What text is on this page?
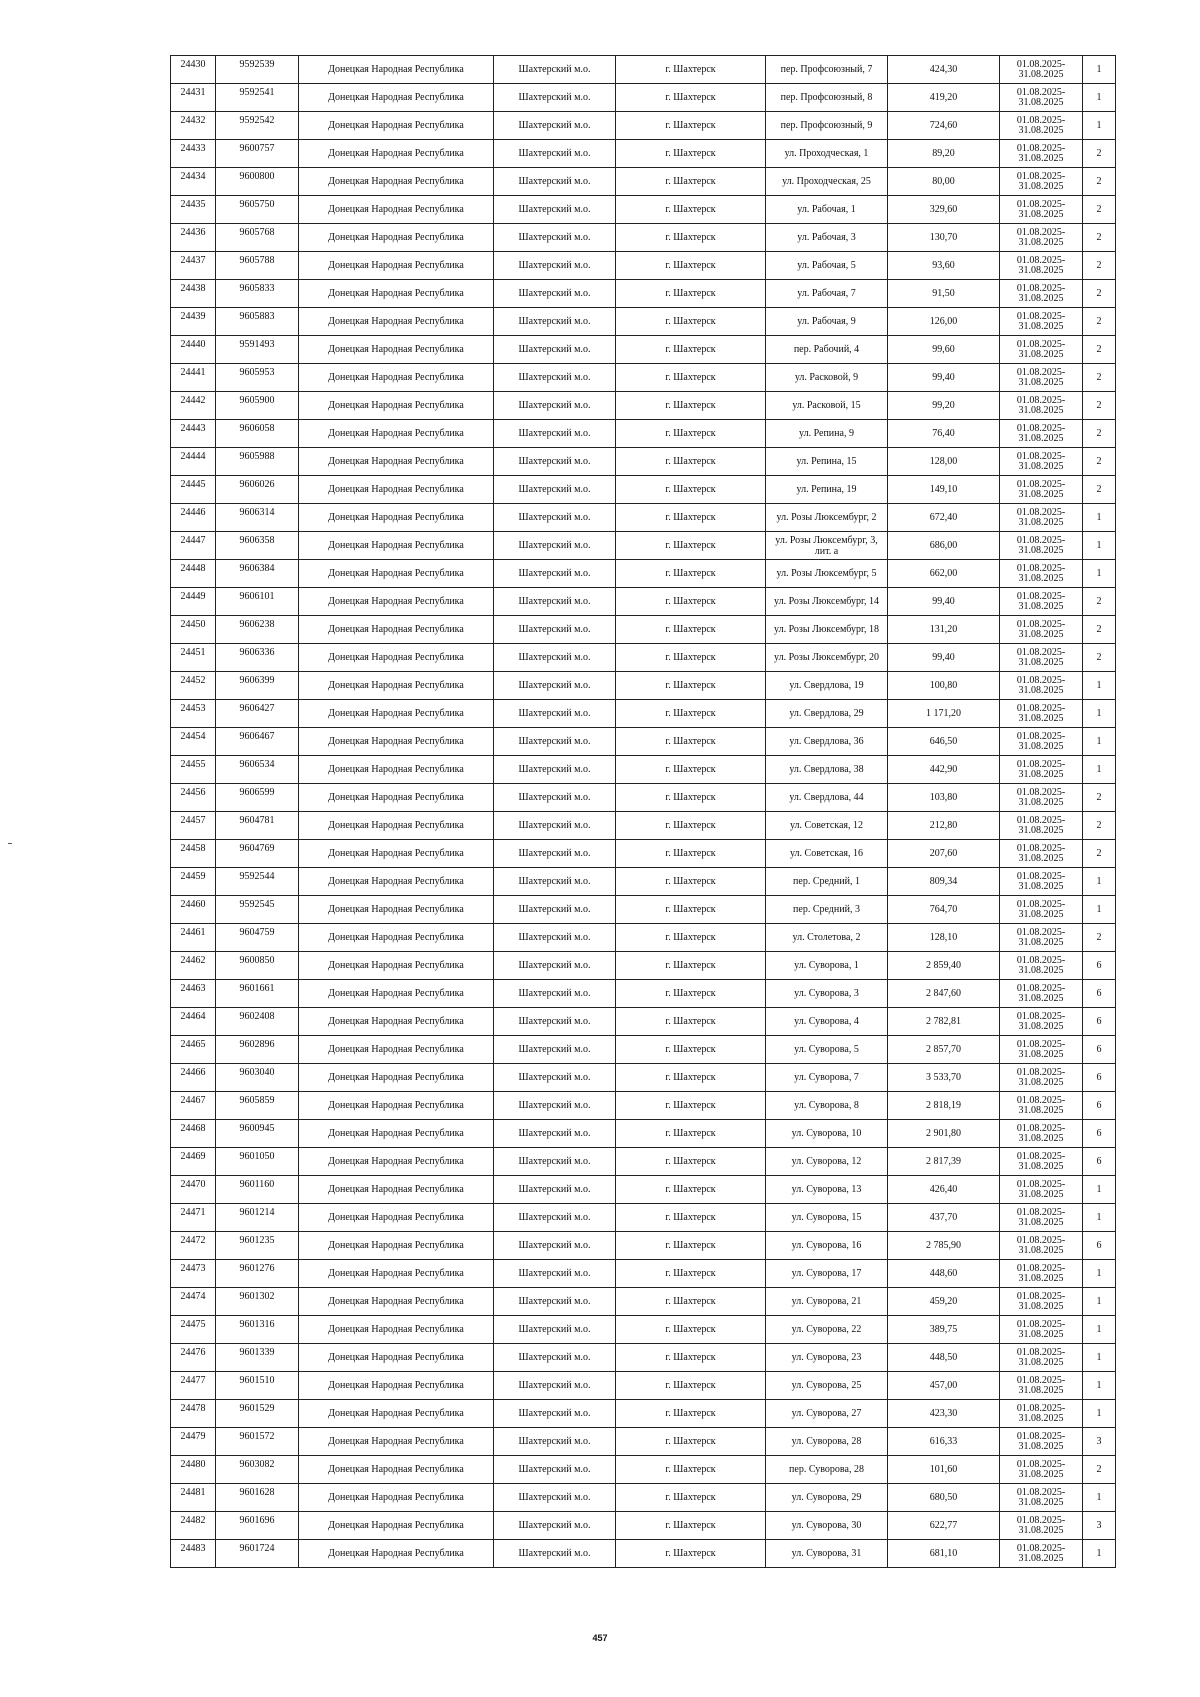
24430	9592539	Донецкая Народная Республика	Шахтерский м.о.	г. Шахтерск	пер. Профсоюзный, 7	424,30	01.08.2025-31.08.2025	1
24431	9592541	Донецкая Народная Республика	Шахтерский м.о.	г. Шахтерск	пер. Профсоюзный, 8	419,20	01.08.2025-31.08.2025	1
24432	9592542	Донецкая Народная Республика	Шахтерский м.о.	г. Шахтерск	пер. Профсоюзный, 9	724,60	01.08.2025-31.08.2025	1
24433	9600757	Донецкая Народная Республика	Шахтерский м.о.	г. Шахтерск	ул. Проходческая, 1	89,20	01.08.2025-31.08.2025	2
24434	9600800	Донецкая Народная Республика	Шахтерский м.о.	г. Шахтерск	ул. Проходческая, 25	80,00	01.08.2025-31.08.2025	2
24435	9605750	Донецкая Народная Республика	Шахтерский м.о.	г. Шахтерск	ул. Рабочая, 1	329,60	01.08.2025-31.08.2025	2
24436	9605768	Донецкая Народная Республика	Шахтерский м.о.	г. Шахтерск	ул. Рабочая, 3	130,70	01.08.2025-31.08.2025	2
24437	9605788	Донецкая Народная Республика	Шахтерский м.о.	г. Шахтерск	ул. Рабочая, 5	93,60	01.08.2025-31.08.2025	2
24438	9605833	Донецкая Народная Республика	Шахтерский м.о.	г. Шахтерск	ул. Рабочая, 7	91,50	01.08.2025-31.08.2025	2
24439	9605883	Донецкая Народная Республика	Шахтерский м.о.	г. Шахтерск	ул. Рабочая, 9	126,00	01.08.2025-31.08.2025	2
24440	9591493	Донецкая Народная Республика	Шахтерский м.о.	г. Шахтерск	пер. Рабочий, 4	99,60	01.08.2025-31.08.2025	2
24441	9605953	Донецкая Народная Республика	Шахтерский м.о.	г. Шахтерск	ул. Расковой, 9	99,40	01.08.2025-31.08.2025	2
24442	9605900	Донецкая Народная Республика	Шахтерский м.о.	г. Шахтерск	ул. Расковой, 15	99,20	01.08.2025-31.08.2025	2
24443	9606058	Донецкая Народная Республика	Шахтерский м.о.	г. Шахтерск	ул. Репина, 9	76,40	01.08.2025-31.08.2025	2
24444	9605988	Донецкая Народная Республика	Шахтерский м.о.	г. Шахтерск	ул. Репина, 15	128,00	01.08.2025-31.08.2025	2
24445	9606026	Донецкая Народная Республика	Шахтерский м.о.	г. Шахтерск	ул. Репина, 19	149,10	01.08.2025-31.08.2025	2
24446	9606314	Донецкая Народная Республика	Шахтерский м.о.	г. Шахтерск	ул. Розы Люксембург, 2	672,40	01.08.2025-31.08.2025	1
24447	9606358	Донецкая Народная Республика	Шахтерский м.о.	г. Шахтерск	ул. Розы Люксембург, 3, лит. а	686,00	01.08.2025-31.08.2025	1
24448	9606384	Донецкая Народная Республика	Шахтерский м.о.	г. Шахтерск	ул. Розы Люксембург, 5	662,00	01.08.2025-31.08.2025	1
24449	9606101	Донецкая Народная Республика	Шахтерский м.о.	г. Шахтерск	ул. Розы Люксембург, 14	99,40	01.08.2025-31.08.2025	2
24450	9606238	Донецкая Народная Республика	Шахтерский м.о.	г. Шахтерск	ул. Розы Люксембург, 18	131,20	01.08.2025-31.08.2025	2
24451	9606336	Донецкая Народная Республика	Шахтерский м.о.	г. Шахтерск	ул. Розы Люксембург, 20	99,40	01.08.2025-31.08.2025	2
24452	9606399	Донецкая Народная Республика	Шахтерский м.о.	г. Шахтерск	ул. Свердлова, 19	100,80	01.08.2025-31.08.2025	1
24453	9606427	Донецкая Народная Республика	Шахтерский м.о.	г. Шахтерск	ул. Свердлова, 29	1 171,20	01.08.2025-31.08.2025	1
24454	9606467	Донецкая Народная Республика	Шахтерский м.о.	г. Шахтерск	ул. Свердлова, 36	646,50	01.08.2025-31.08.2025	1
24455	9606534	Донецкая Народная Республика	Шахтерский м.о.	г. Шахтерск	ул. Свердлова, 38	442,90	01.08.2025-31.08.2025	1
24456	9606599	Донецкая Народная Республика	Шахтерский м.о.	г. Шахтерск	ул. Свердлова, 44	103,80	01.08.2025-31.08.2025	2
24457	9604781	Донецкая Народная Республика	Шахтерский м.о.	г. Шахтерск	ул. Советская, 12	212,80	01.08.2025-31.08.2025	2
24458	9604769	Донецкая Народная Республика	Шахтерский м.о.	г. Шахтерск	ул. Советская, 16	207,60	01.08.2025-31.08.2025	2
24459	9592544	Донецкая Народная Республика	Шахтерский м.о.	г. Шахтерск	пер. Средний, 1	809,34	01.08.2025-31.08.2025	1
24460	9592545	Донецкая Народная Республика	Шахтерский м.о.	г. Шахтерск	пер. Средний, 3	764,70	01.08.2025-31.08.2025	1
24461	9604759	Донецкая Народная Республика	Шахтерский м.о.	г. Шахтерск	ул. Столетова, 2	128,10	01.08.2025-31.08.2025	2
24462	9600850	Донецкая Народная Республика	Шахтерский м.о.	г. Шахтерск	ул. Суворова, 1	2 859,40	01.08.2025-31.08.2025	6
24463	9601661	Донецкая Народная Республика	Шахтерский м.о.	г. Шахтерск	ул. Суворова, 3	2 847,60	01.08.2025-31.08.2025	6
24464	9602408	Донецкая Народная Республика	Шахтерский м.о.	г. Шахтерск	ул. Суворова, 4	2 782,81	01.08.2025-31.08.2025	6
24465	9602896	Донецкая Народная Республика	Шахтерский м.о.	г. Шахтерск	ул. Суворова, 5	2 857,70	01.08.2025-31.08.2025	6
24466	9603040	Донецкая Народная Республика	Шахтерский м.о.	г. Шахтерск	ул. Суворова, 7	3 533,70	01.08.2025-31.08.2025	6
24467	9605859	Донецкая Народная Республика	Шахтерский м.о.	г. Шахтерск	ул. Суворова, 8	2 818,19	01.08.2025-31.08.2025	6
24468	9600945	Донецкая Народная Республика	Шахтерский м.о.	г. Шахтерск	ул. Суворова, 10	2 901,80	01.08.2025-31.08.2025	6
24469	9601050	Донецкая Народная Республика	Шахтерский м.о.	г. Шахтерск	ул. Суворова, 12	2 817,39	01.08.2025-31.08.2025	6
24470	9601160	Донецкая Народная Республика	Шахтерский м.о.	г. Шахтерск	ул. Суворова, 13	426,40	01.08.2025-31.08.2025	1
24471	9601214	Донецкая Народная Республика	Шахтерский м.о.	г. Шахтерск	ул. Суворова, 15	437,70	01.08.2025-31.08.2025	1
24472	9601235	Донецкая Народная Республика	Шахтерский м.о.	г. Шахтерск	ул. Суворова, 16	2 785,90	01.08.2025-31.08.2025	6
24473	9601276	Донецкая Народная Республика	Шахтерский м.о.	г. Шахтерск	ул. Суворова, 17	448,60	01.08.2025-31.08.2025	1
24474	9601302	Донецкая Народная Республика	Шахтерский м.о.	г. Шахтерск	ул. Суворова, 21	459,20	01.08.2025-31.08.2025	1
24475	9601316	Донецкая Народная Республика	Шахтерский м.о.	г. Шахтерск	ул. Суворова, 22	389,75	01.08.2025-31.08.2025	1
24476	9601339	Донецкая Народная Республика	Шахтерский м.о.	г. Шахтерск	ул. Суворова, 23	448,50	01.08.2025-31.08.2025	1
24477	9601510	Донецкая Народная Республика	Шахтерский м.о.	г. Шахтерск	ул. Суворова, 25	457,00	01.08.2025-31.08.2025	1
24478	9601529	Донецкая Народная Республика	Шахтерский м.о.	г. Шахтерск	ул. Суворова, 27	423,30	01.08.2025-31.08.2025	1
24479	9601572	Донецкая Народная Республика	Шахтерский м.о.	г. Шахтерск	ул. Суворова, 28	616,33	01.08.2025-31.08.2025	3
24480	9603082	Донецкая Народная Республика	Шахтерский м.о.	г. Шахтерск	пер. Суворова, 28	101,60	01.08.2025-31.08.2025	2
24481	9601628	Донецкая Народная Республика	Шахтерский м.о.	г. Шахтерск	ул. Суворова, 29	680,50	01.08.2025-31.08.2025	1
24482	9601696	Донецкая Народная Республика	Шахтерский м.о.	г. Шахтерск	ул. Суворова, 30	622,77	01.08.2025-31.08.2025	3
24483	9601724	Донецкая Народная Республика	Шахтерский м.о.	г. Шахтерск	ул. Суворова, 31	681,10	01.08.2025-31.08.2025	1
457
